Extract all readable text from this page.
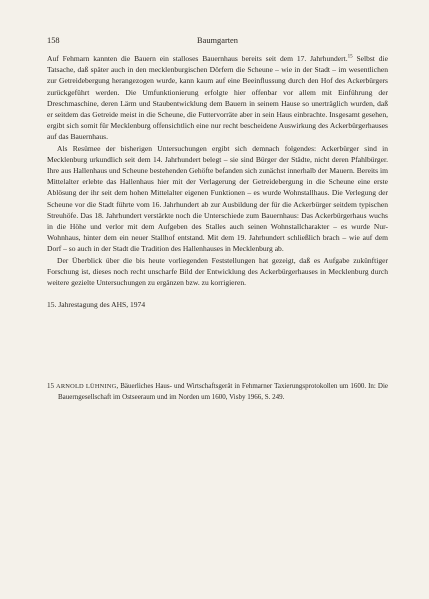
158	Baumgarten

Auf Fehmarn kannten die Bauern ein stalloses Bauernhaus bereits seit dem 17. Jahrhundert.$^{15}$ Selbst die Tatsache, daß später auch in den mecklenburgischen Dörfern die Scheune – wie in der Stadt – im wesentlichen zur Getreidebergung herangezogen wurde, kann kaum auf eine Beeinflussung durch den Hof des Ackerbürgers zurückgeführt werden. Die Umfunktionierung erfolgte hier offenbar vor allem mit Einführung der Dreschmaschine, deren Lärm und Staubentwicklung dem Bauern in seinem Hause so unerträglich wurden, daß er seitdem das Getreide meist in die Scheune, die Futtervorräte aber in sein Haus einbrachte. Insgesamt gesehen, ergibt sich somit für Mecklenburg offensichtlich eine nur recht bescheidene Auswirkung des Ackerbürgerhauses auf das Bauernhaus.

Als Resümee der bisherigen Untersuchungen ergibt sich demnach folgendes: Ackerbürger sind in Mecklenburg urkundlich seit dem 14. Jahrhundert belegt – sie sind Bürger der Städte, nicht deren Pfahlbürger. Ihre aus Hallenhaus und Scheune bestehenden Gehöfte befanden sich zunächst innerhalb der Mauern. Bereits im Mittelalter erlebte das Hallenhaus hier mit der Verlagerung der Getreidebergung in die Scheune eine erste Ablösung der ihr seit dem hohen Mittelalter eigenen Funktionen – es wurde Wohnstallhaus. Die Verlegung der Scheune vor die Stadt führte vom 16. Jahrhundert ab zur Ausbildung der für die Ackerbürger seitdem typischen Streuhöfe. Das 18. Jahrhundert verstärkte noch die Unterschiede zum Bauernhaus: Das Ackerbürgerhaus wuchs in die Höhe und verlor mit dem Aufgeben des Stalles auch seinen Wohnstallcharakter – es wurde Nur-Wohnhaus, hinter dem ein neuer Stallhof entstand. Mit dem 19. Jahrhundert schließlich brach – wie auf dem Dorf – so auch in der Stadt die Tradition des Hallenhauses in Mecklenburg ab.

Der Überblick über die bis heute vorliegenden Feststellungen hat gezeigt, daß es Aufgabe zukünftiger Forschung ist, dieses noch recht unscharfe Bild der Entwicklung des Ackerbürgerhauses in Mecklenburg durch weitere gezielte Untersuchungen zu ergänzen bzw. zu korrigieren.

15. Jahrestagung des AHS, 1974

15 ARNOLD LÜHNING, Bäuerliches Haus- und Wirtschaftsgerät in Fehmarner Taxierungsprotokollen um 1600. In: Die Bauerngesellschaft im Ostseeraum und im Norden um 1600, Visby 1966, S. 249.
